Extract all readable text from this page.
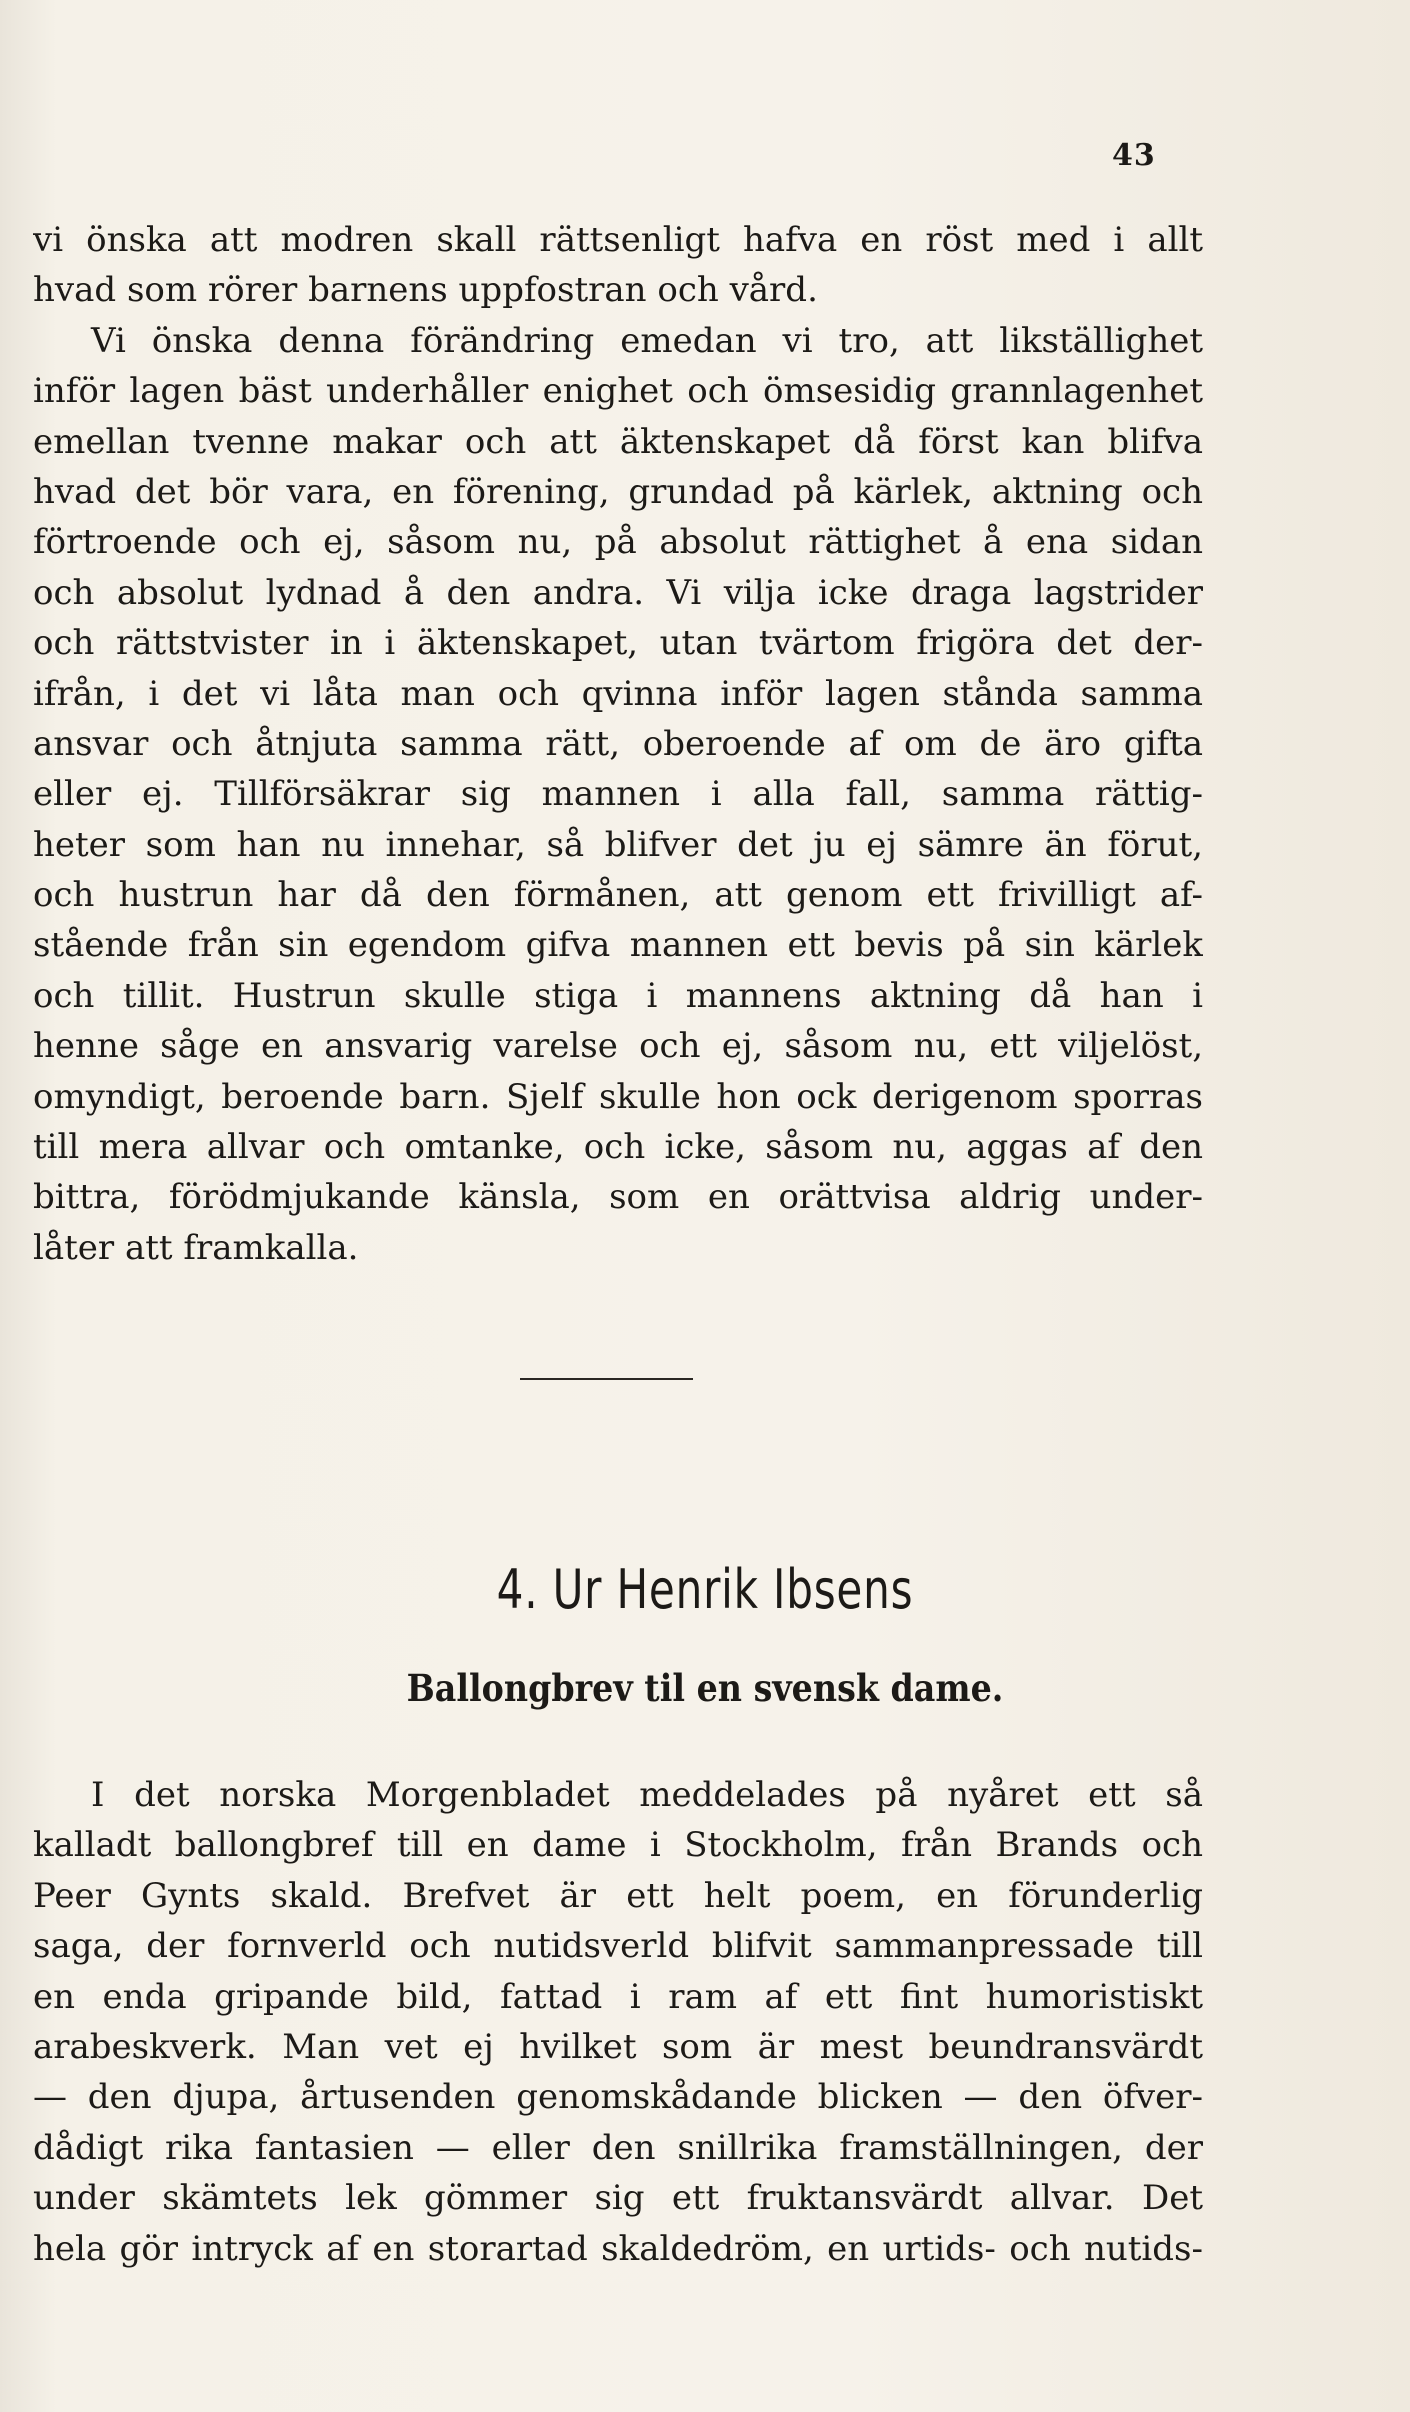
43
vi önska att modren skall rättsenligt hafva en röst med i allt
hvad som rörer barnens uppfostran och vård.
Vi önska denna förändring emedan vi tro, att likställighet
inför lagen bäst underhåller enighet och ömsesidig grannlagenhet
emellan tvenne makar och att äktenskapet då först kan blifva
hvad det bör vara, en förening, grundad på kärlek, aktning och
förtroende och ej, såsom nu, på absolut rättighet å ena sidan
och absolut lydnad å den andra. Vi vilja icke draga lagstrider
och rättstvister in i äktenskapet, utan tvärtom frigöra det der-
ifrån, i det vi låta man och qvinna inför lagen stånda samma
ansvar och åtnjuta samma rätt, oberoende af om de äro gifta
eller ej. Tillförsäkrar sig mannen i alla fall, samma rättig-
heter som han nu innehar, så blifver det ju ej sämre än förut,
och hustrun har då den förmånen, att genom ett frivilligt af-
stående från sin egendom gifva mannen ett bevis på sin kärlek
och tillit. Hustrun skulle stiga i mannens aktning då han i
henne såge en ansvarig varelse och ej, såsom nu, ett viljelöst,
omyndigt, beroende barn. Sjelf skulle hon ock derigenom sporras
till mera allvar och omtanke, och icke, såsom nu, aggas af den
bittra, förödmjukande känsla, som en orättvisa aldrig under-
låter att framkalla.
4. Ur Henrik Ibsens
Ballongbrev til en svensk dame.
I det norska Morgenbladet meddelades på nyåret ett så
kalladt ballongbref till en dame i Stockholm, från Brands och
Peer Gynts skald. Brefvet är ett helt poem, en förunderlig
saga, der fornverld och nutidsverld blifvit sammanpressade till
en enda gripande bild, fattad i ram af ett fint humoristiskt
arabeskverk. Man vet ej hvilket som är mest beundransvärdt
— den djupa, årtusenden genomskådande blicken — den öfver-
dådigt rika fantasien — eller den snillrika framställningen, der
under skämtets lek gömmer sig ett fruktansvärdt allvar. Det
hela gör intryck af en storartad skaldedröm, en urtids- och nutids-
